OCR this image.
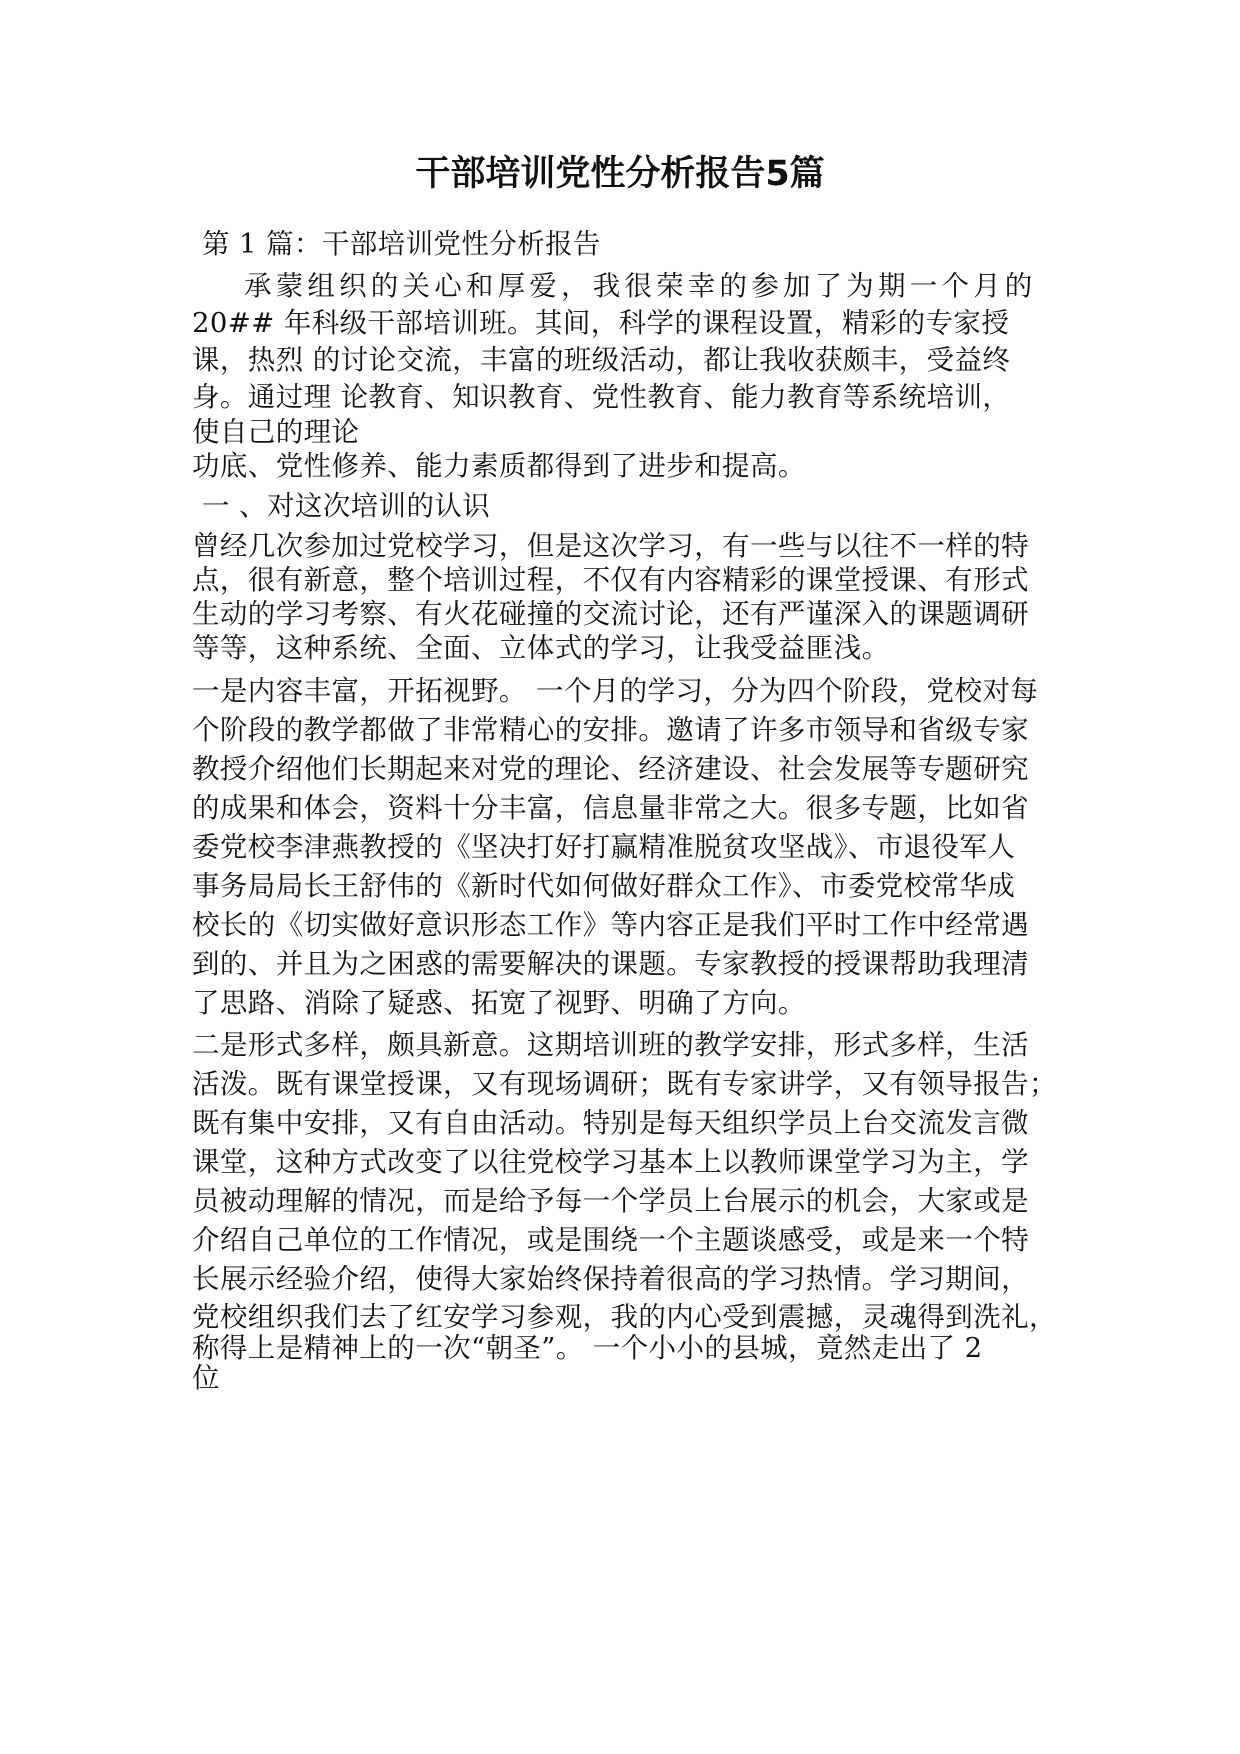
干部培训党性分析报告5篇

第 1 篇：干部培训党性分析报告

承蒙组织的关心和厚爱，我很荣幸的参加了为期一个月的

20## 年科级干部培训班。其间，科学的课程设置，精彩的专家授

课，热烈 的讨论交流，丰富的班级活动，都让我收获颇丰，受益终

身。通过理 论教育、知识教育、党性教育、能力教育等系统培训，

使自己的理论

功底、党性修养、能力素质都得到了进步和提高。

一 、对这次培训的认识

曾经几次参加过党校学习，但是这次学习，有一些与以往不一样的特

点，很有新意，整个培训过程，不仅有内容精彩的课堂授课、有形式

生动的学习考察、有火花碰撞的交流讨论，还有严谨深入的课题调研

等等，这种系统、全面、立体式的学习，让我受益匪浅。

一是内容丰富，开拓视野。 一个月的学习，分为四个阶段，党校对每

个阶段的教学都做了非常精心的安排。邀请了许多市领导和省级专家

教授介绍他们长期起来对党的理论、经济建设、社会发展等专题研究

的成果和体会，资料十分丰富，信息量非常之大。很多专题，比如省

委党校李津燕教授的《坚决打好打赢精准脱贫攻坚战》、市退役军人

事务局局长王舒伟的《新时代如何做好群众工作》、市委党校常华成

校长的《切实做好意识形态工作》等内容正是我们平时工作中经常遇

到的、并且为之困惑的需要解决的课题。专家教授的授课帮助我理清

了思路、消除了疑惑、拓宽了视野、明确了方向。

二是形式多样，颇具新意。这期培训班的教学安排，形式多样，生活

活泼。既有课堂授课，又有现场调研；既有专家讲学，又有领导报告；

既有集中安排，又有自由活动。特别是每天组织学员上台交流发言微

课堂，这种方式改变了以往党校学习基本上以教师课堂学习为主，学

员被动理解的情况，而是给予每一个学员上台展示的机会，大家或是

介绍自己单位的工作情况，或是围绕一个主题谈感受，或是来一个特

长展示经验介绍，使得大家始终保持着很高的学习热情。学习期间，

党校组织我们去了红安学习参观，我的内心受到震撼，灵魂得到洗礼，

称得上是精神上的一次“朝圣”。 一个小小的县城，竟然走出了 2

位
